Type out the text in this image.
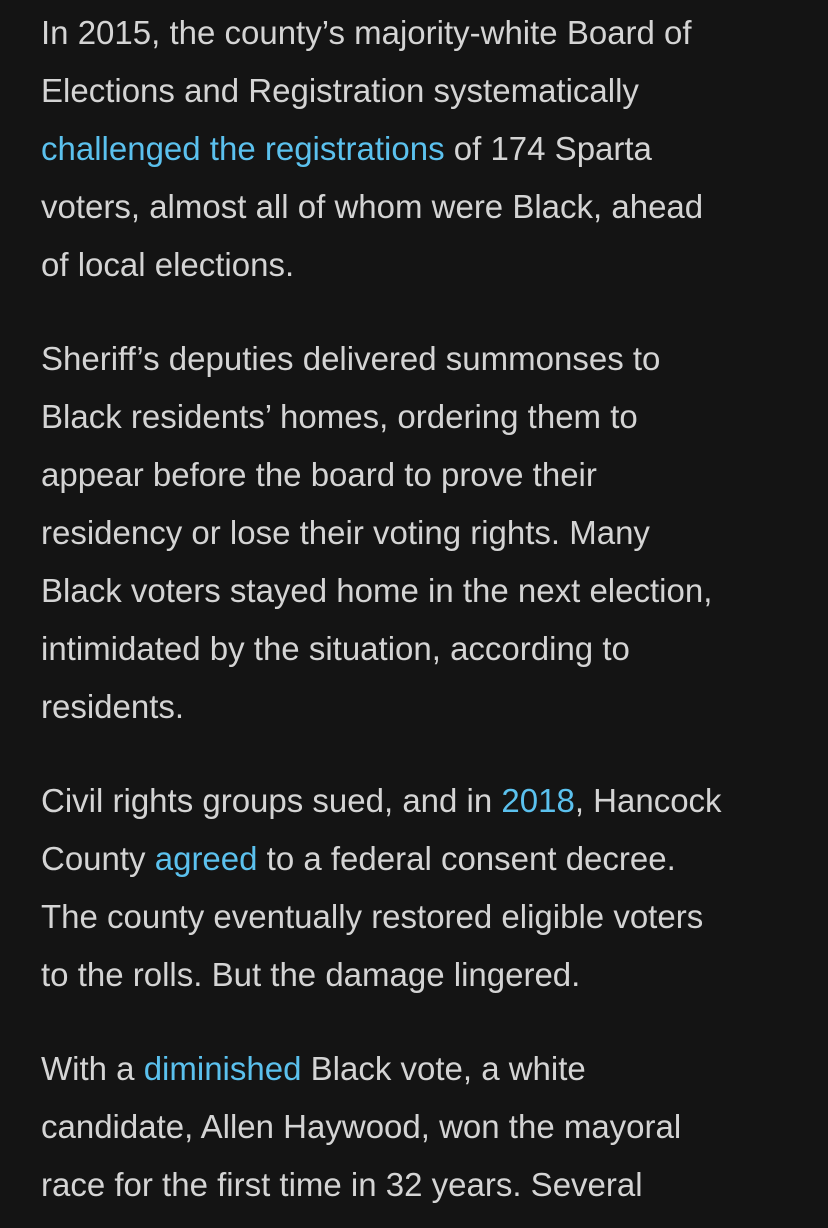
In 2015, the county’s majority-white Board of
Elections and Registration systematically
challenged the registrations of 174 Sparta
voters, almost all of whom were Black, ahead
of local elections.

Sheriff’s deputies delivered summonses to
Black residents’ homes, ordering them to
appear before the board to prove their
residency or lose their voting rights. Many
Black voters stayed home in the next election,
intimidated by the situation, according to
residents.

Civil rights groups sued, and in 2018, Hancock
County agreed to a federal consent decree.
The county eventually restored eligible voters
to the rolls. But the damage lingered.

With a diminished Black vote, a white
candidate, Allen Haywood, won the mayoral
race for the first time in 32 years. Several
